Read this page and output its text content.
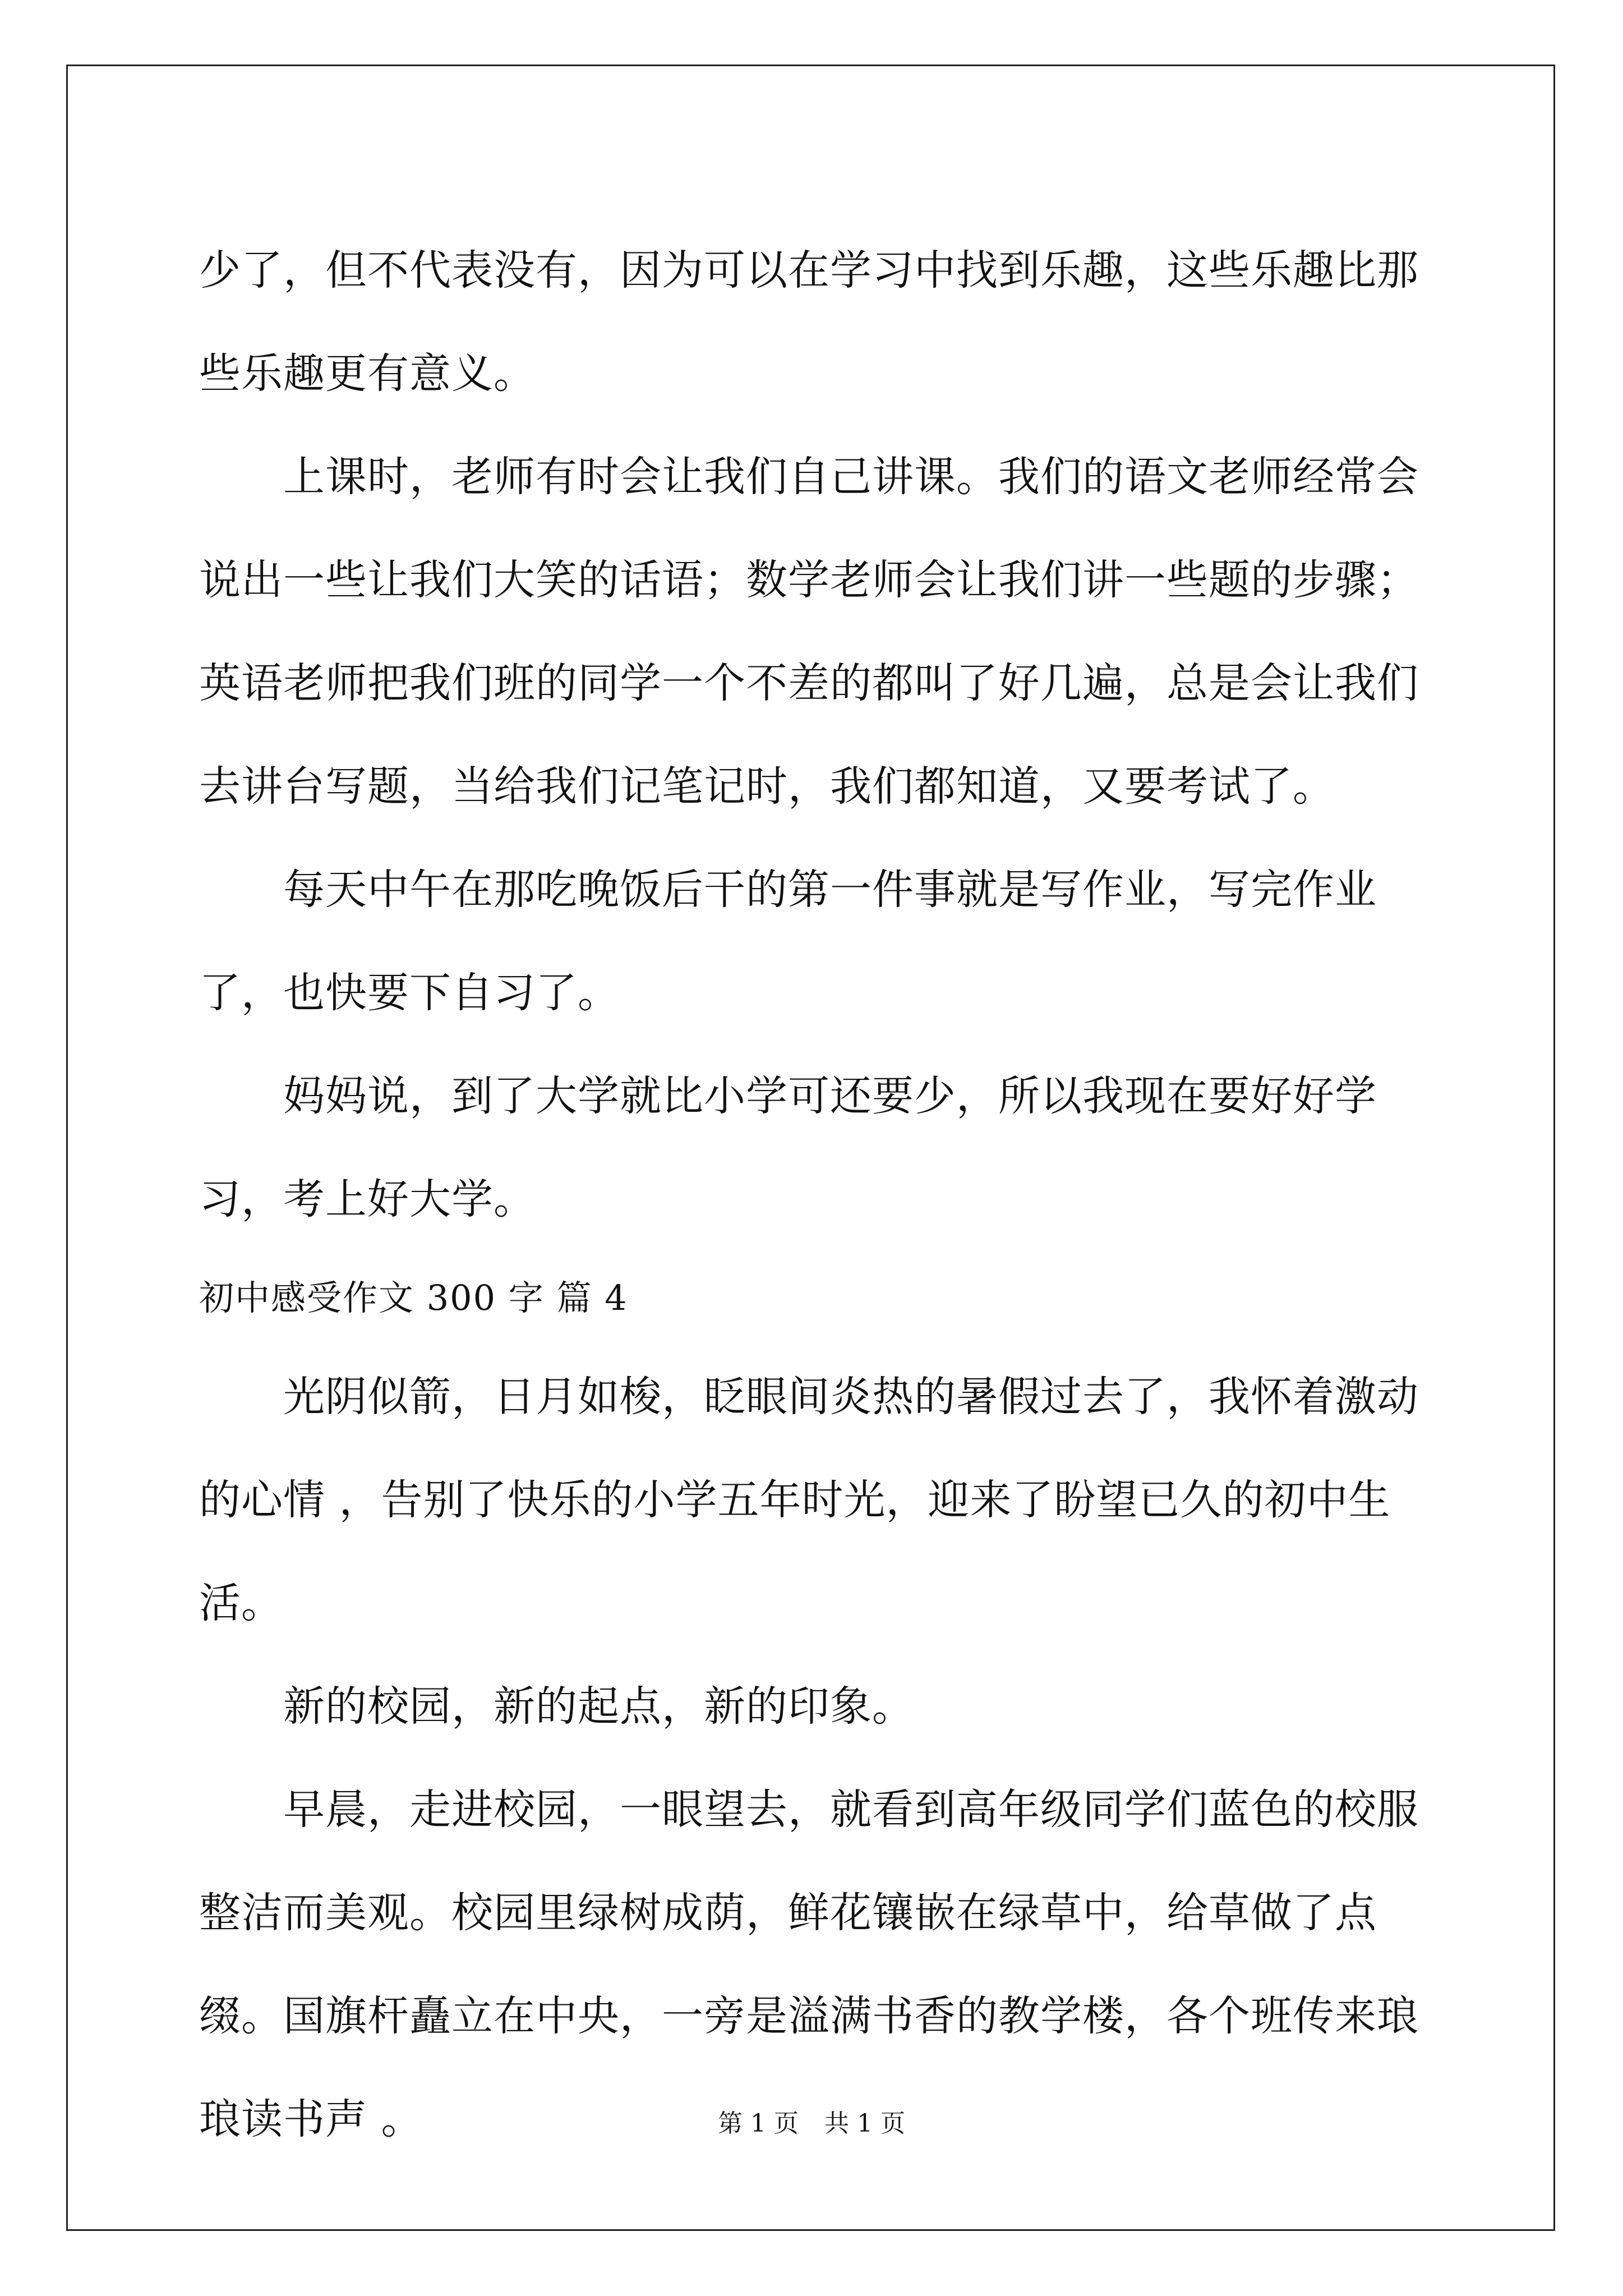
少了，但不代表没有，因为可以在学习中找到乐趣，这些乐趣比那些乐趣更有意义。

上课时，老师有时会让我们自己讲课。我们的语文老师经常会说出一些让我们大笑的话语；数学老师会让我们讲一些题的步骤；英语老师把我们班的同学一个不差的都叫了好几遍，总是会让我们去讲台写题，当给我们记笔记时，我们都知道，又要考试了。

每天中午在那吃晚饭后干的第一件事就是写作业，写完作业了，也快要下自习了。

妈妈说，到了大学就比小学可还要少，所以我现在要好好学习，考上好大学。

初中感受作文 300 字 篇 4

光阴似箭，日月如梭，眨眼间炎热的暑假过去了，我怀着激动的心情 ，告别了快乐的小学五年时光，迎来了盼望已久的初中生活。

新的校园，新的起点，新的印象。

早晨，走进校园，一眼望去，就看到高年级同学们蓝色的校服整洁而美观。校园里绿树成荫，鲜花镶嵌在绿草中，给草做了点缀。国旗杆矗立在中央，一旁是溢满书香的教学楼，各个班传来琅琅读书声 。	第 1 页 共 1 页
